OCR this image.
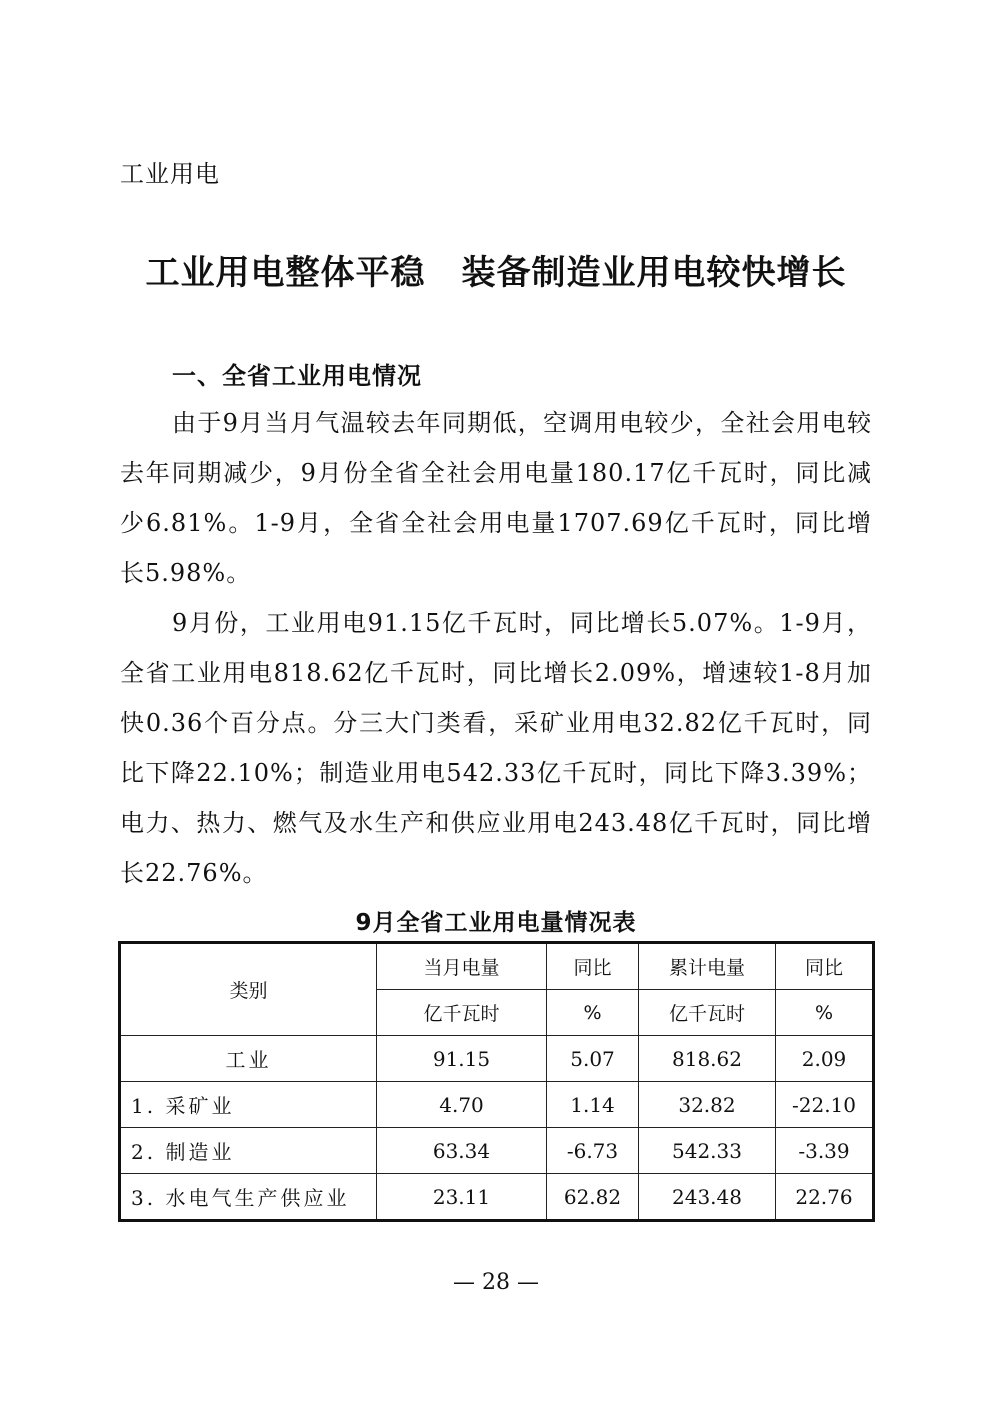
工业用电
工业用电整体平稳 装备制造业用电较快增长
一、全省工业用电情况

由于9月当月气温较去年同期低，空调用电较少，全社会用电较去年同期减少，9月份全省全社会用电量180.17亿千瓦时，同比减少6.81%。1-9月，全省全社会用电量1707.69亿千瓦时，同比增长5.98%。

9月份，工业用电91.15亿千瓦时，同比增长5.07%。1-9月，全省工业用电818.62亿千瓦时，同比增长2.09%，增速较1-8月加快0.36个百分点。分三大门类看，采矿业用电32.82亿千瓦时，同比下降22.10%；制造业用电542.33亿千瓦时，同比下降3.39%；电力、热力、燃气及水生产和供应业用电243.48亿千瓦时，同比增长22.76%。

9月全省工业用电量情况表
类别	当月电量	同比	累计电量	同比
	亿千瓦时	%	亿千瓦时	%
工业	91.15	5.07	818.62	2.09
1. 采矿业	4.70	1.14	32.82	-22.10
2. 制造业	63.34	-6.73	542.33	-3.39
3. 水电气生产供应业	23.11	62.82	243.48	22.76
— 28 —
